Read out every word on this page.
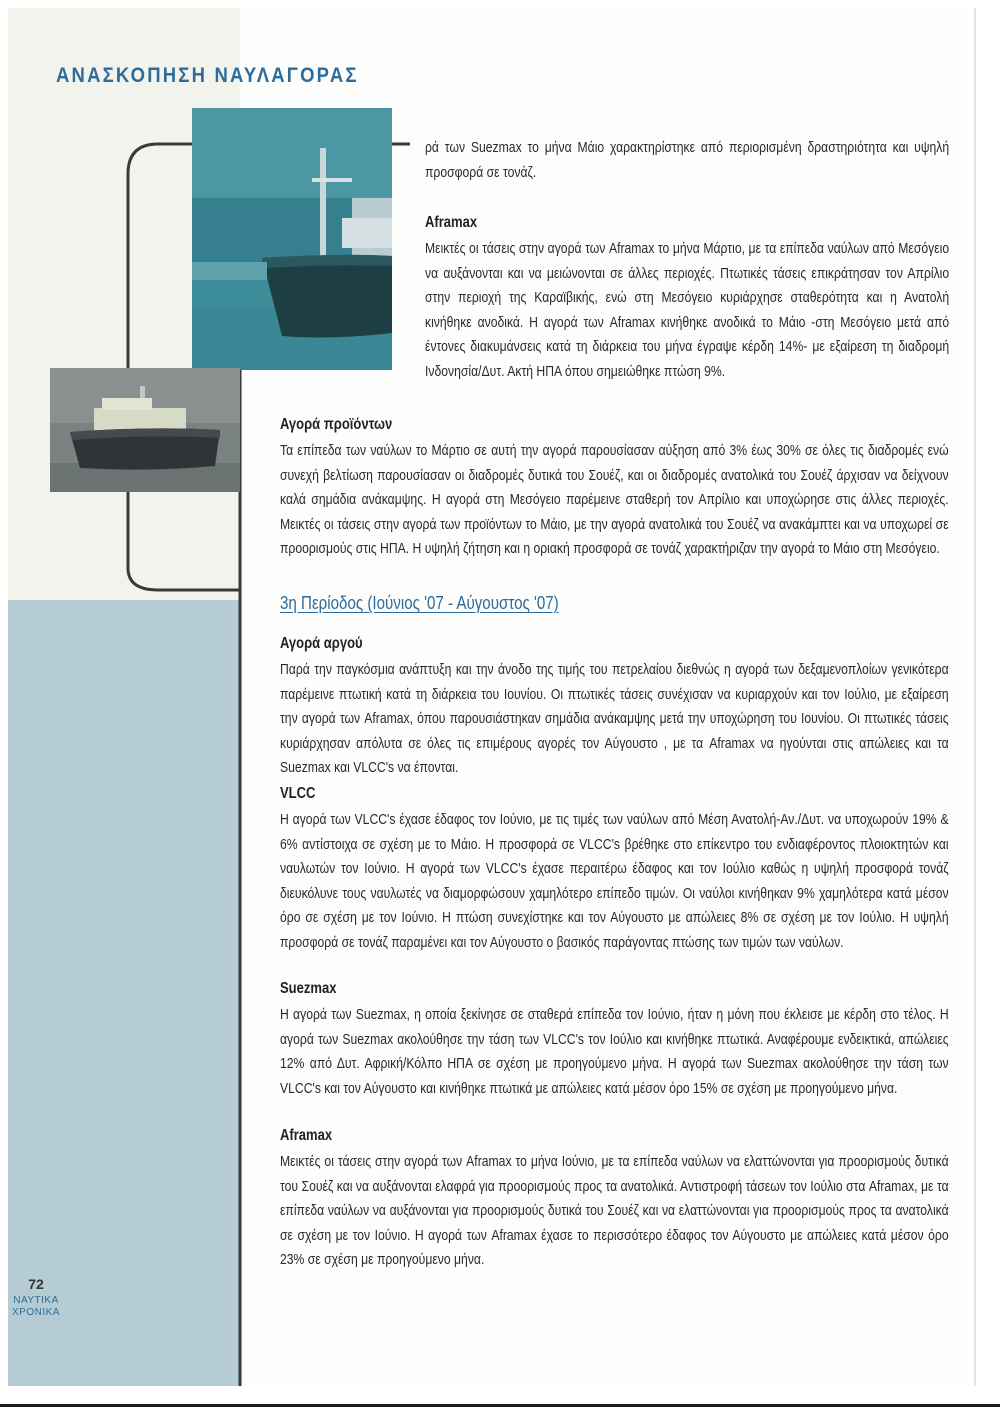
ΑΝΑΣΚΟΠΗΣΗ ΝΑΥΛΑΓΟΡΑΣ

ρά των Suezmax το μήνα Μάιο χαρακτηρίστηκε από περιορισμένη δραστηριότητα και υψηλή προσφορά σε τονάζ.

Aframax

Μεικτές οι τάσεις στην αγορά των Aframax το μήνα Μάρτιο, με τα επίπεδα ναύλων από Μεσόγειο να αυξάνονται και να μειώνονται σε άλλες περιοχές. Πτωτικές τάσεις επικράτησαν τον Απρίλιο στην περιοχή της Καραϊβικής, ενώ στη Μεσόγειο κυριάρχησε σταθερότητα και η Ανατολή κινήθηκε ανοδικά. Η αγορά των Aframax κινήθηκε ανοδικά το Μάιο -στη Μεσόγειο μετά από έντονες διακυμάνσεις κατά τη διάρκεια του μήνα έγραψε κέρδη 14%- με εξαίρεση τη διαδρομή Ινδονησία/Δυτ. Ακτή ΗΠΑ όπου σημειώθηκε πτώση 9%.

Αγορά προϊόντων

Τα επίπεδα των ναύλων το Μάρτιο σε αυτή την αγορά παρουσίασαν αύξηση από 3% έως 30% σε όλες τις διαδρομές ενώ συνεχή βελτίωση παρουσίασαν οι διαδρομές δυτικά του Σουέζ, και οι διαδρομές ανατολικά του Σουέζ άρχισαν να δείχνουν καλά σημάδια ανάκαμψης. Η αγορά στη Μεσόγειο παρέμεινε σταθερή τον Απρίλιο και υποχώρησε στις άλλες περιοχές. Μεικτές οι τάσεις στην αγορά των προϊόντων το Μάιο, με την αγορά ανατολικά του Σουέζ να ανακάμπτει και να υποχωρεί σε προορισμούς στις ΗΠΑ. Η υψηλή ζήτηση και η οριακή προσφορά σε τονάζ χαρακτήριζαν την αγορά το Μάιο στη Μεσόγειο.

3η Περίοδος (Ιούνιος '07 - Αύγουστος '07)
Αγορά αργού

Παρά την παγκόσμια ανάπτυξη και την άνοδο της τιμής του πετρελαίου διεθνώς η αγορά των δεξαμενοπλοίων γενικότερα παρέμεινε πτωτική κατά τη διάρκεια του Ιουνίου. Οι πτωτικές τάσεις συνέχισαν να κυριαρχούν και τον Ιούλιο, με εξαίρεση την αγορά των Aframax, όπου παρουσιάστηκαν σημάδια ανάκαμψης μετά την υποχώρηση του Ιουνίου. Οι πτωτικές τάσεις κυριάρχησαν απόλυτα σε όλες τις επιμέρους αγορές τον Αύγουστο , με τα Aframax να ηγούνται στις απώλειες και τα Suezmax και VLCC's να έπονται.

VLCC

Η αγορά των VLCC's έχασε έδαφος τον Ιούνιο, με τις τιμές των ναύλων από Μέση Ανατολή-Αν./Δυτ. να υποχωρούν 19% & 6% αντίστοιχα σε σχέση με το Μάιο. Η προσφορά σε VLCC's βρέθηκε στο επίκεντρο του ενδιαφέροντος πλοιοκτητών και ναυλωτών τον Ιούνιο. Η αγορά των VLCC's έχασε περαιτέρω έδαφος και τον Ιούλιο καθώς η υψηλή προσφορά τονάζ διευκόλυνε τους ναυλωτές να διαμορφώσουν χαμηλότερο επίπεδο τιμών. Οι ναύλοι κινήθηκαν 9% χαμηλότερα κατά μέσον όρο σε σχέση με τον Ιούνιο. Η πτώση συνεχίστηκε και τον Αύγουστο με απώλειες 8% σε σχέση με τον Ιούλιο. Η υψηλή προσφορά σε τονάζ παραμένει και τον Αύγουστο ο βασικός παράγοντας πτώσης των τιμών των ναύλων.

Suezmax

Η αγορά των Suezmax, η οποία ξεκίνησε σε σταθερά επίπεδα τον Ιούνιο, ήταν η μόνη που έκλεισε με κέρδη στο τέλος. Η αγορά των Suezmax ακολούθησε την τάση των VLCC's τον Ιούλιο και κινήθηκε πτωτικά. Αναφέρουμε ενδεικτικά, απώλειες 12% από Δυτ. Αφρική/Κόλπο ΗΠΑ σε σχέση με προηγούμενο μήνα. Η αγορά των Suezmax ακολούθησε την τάση των VLCC's και τον Αύγουστο και κινήθηκε πτωτικά με απώλειες κατά μέσον όρο 15% σε σχέση με προηγούμενο μήνα.

Aframax

Μεικτές οι τάσεις στην αγορά των Aframax το μήνα Ιούνιο, με τα επίπεδα ναύλων να ελαττώνονται για προορισμούς δυτικά του Σουέζ και να αυξάνονται ελαφρά για προορισμούς προς τα ανατολικά. Αντιστροφή τάσεων τον Ιούλιο στα Aframax, με τα επίπεδα ναύλων να αυξάνονται για προορισμούς δυτικά του Σουέζ και να ελαττώνονται για προορισμούς προς τα ανατολικά σε σχέση με τον Ιούνιο. Η αγορά των Aframax έχασε το περισσότερο έδαφος τον Αύγουστο με απώλειες κατά μέσον όρο 23% σε σχέση με προηγούμενο μήνα.

72
ΝΑΥΤΙΚΑ
ΧΡΟΝΙΚΑ
